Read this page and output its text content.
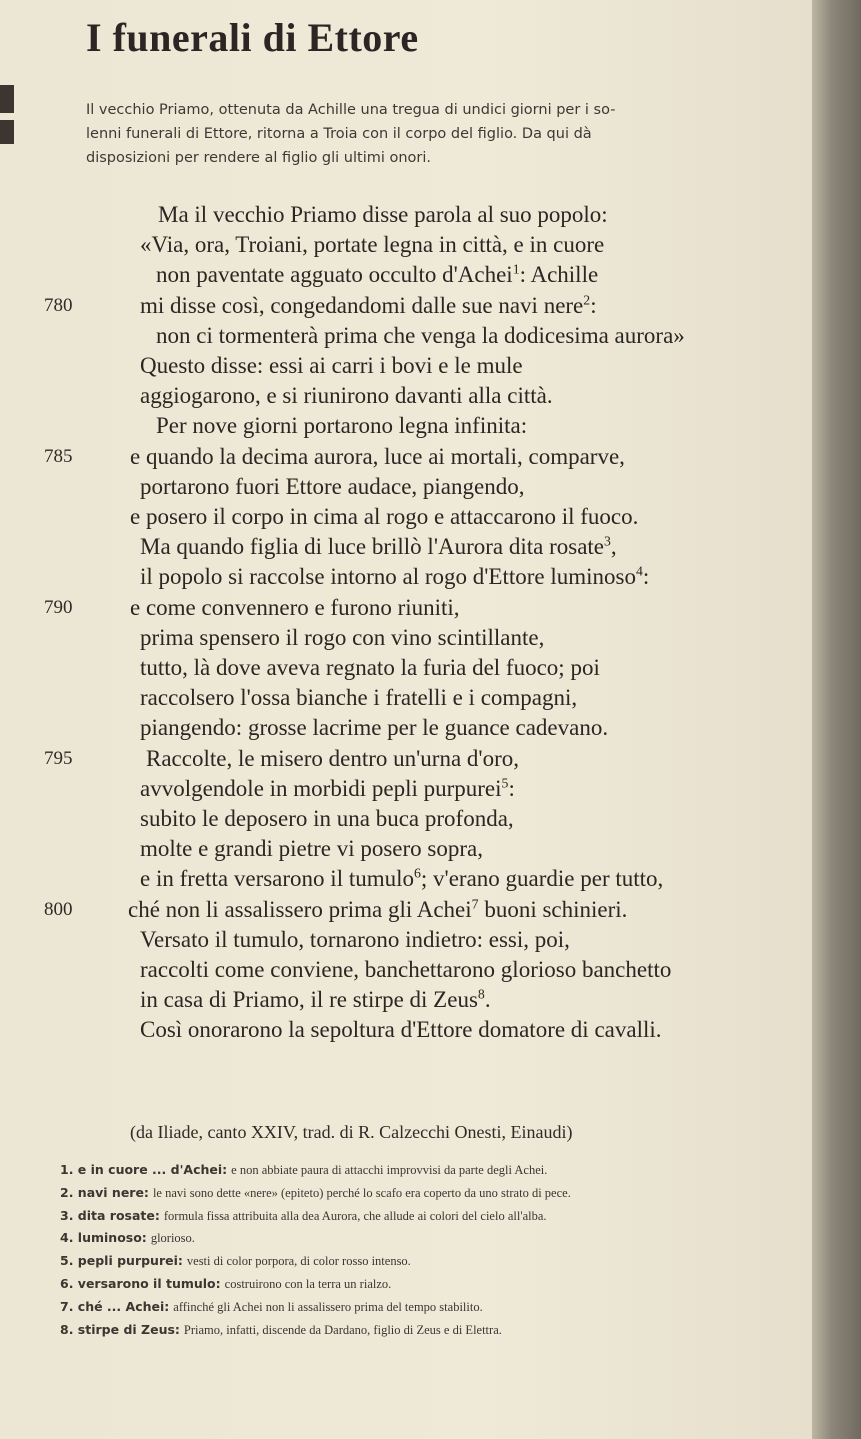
I funerali di Ettore
Il vecchio Priamo, ottenuta da Achille una tregua di undici giorni per i so-
lenni funerali di Ettore, ritorna a Troia con il corpo del figlio. Da qui dà
disposizioni per rendere al figlio gli ultimi onori.
Ma il vecchio Priamo disse parola al suo popolo:
«Via, ora, Troiani, portate legna in città, e in cuore
non paventate agguato occulto d'Achei$^1$: Achille
780	mi disse così, congedandomi dalle sue navi nere$^2$:
non ci tormenterà prima che venga la dodicesima aurora»
Questo disse: essi ai carri i bovi e le mule
aggiogarono, e si riunirono davanti alla città.
Per nove giorni portarono legna infinita:
785	e quando la decima aurora, luce ai mortali, comparve,
portarono fuori Ettore audace, piangendo,
e posero il corpo in cima al rogo e attaccarono il fuoco.
Ma quando figlia di luce brillò l'Aurora dita rosate$^3$,
il popolo si raccolse intorno al rogo d'Ettore luminoso$^4$:
790	e come convennero e furono riuniti,
prima spensero il rogo con vino scintillante,
tutto, là dove aveva regnato la furia del fuoco; poi
raccolsero l'ossa bianche i fratelli e i compagni,
piangendo: grosse lacrime per le guance cadevano.
795	Raccolte, le misero dentro un'urna d'oro,
avvolgendole in morbidi pepli purpurei$^5$:
subito le deposero in una buca profonda,
molte e grandi pietre vi posero sopra,
e in fretta versarono il tumulo$^6$; v'erano guardie per tutto,
800 ché non li assalissero prima gli Achei$^7$ buoni schinieri.
Versato il tumulo, tornarono indietro: essi, poi,
raccolti come conviene, banchettarono glorioso banchetto
in casa di Priamo, il re stirpe di Zeus$^8$.
Così onorarono la sepoltura d'Ettore domatore di cavalli.
(da Iliade, canto XXIV, trad. di R. Calzecchi Onesti, Einaudi)
1. e in cuore ... d'Achei: e non abbiate paura di attacchi improvvisi da parte degli Achei.
2. navi nere: le navi sono dette «nere» (epiteto) perché lo scafo era coperto da uno strato di pece.
3. dita rosate: formula fissa attribuita alla dea Aurora, che allude ai colori del cielo all'alba.
4. luminoso: glorioso.
5. pepli purpurei: vesti di color porpora, di color rosso intenso.
6. versarono il tumulo: costruirono con la terra un rialzo.
7. ché ... Achei: affinché gli Achei non li assalissero prima del tempo stabilito.
8. stirpe di Zeus: Priamo, infatti, discende da Dardano, figlio di Zeus e di Elettra.
